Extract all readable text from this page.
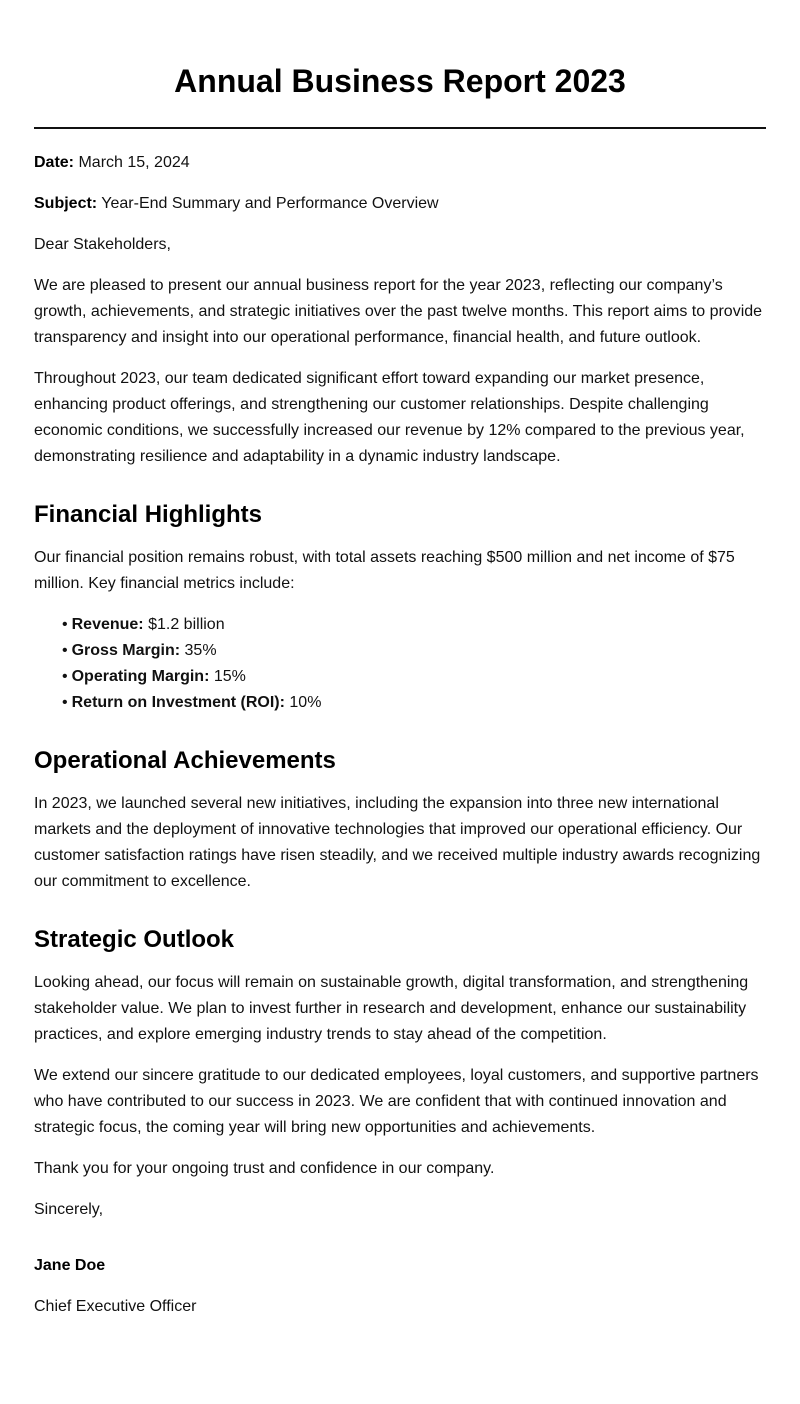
Annual Business Report 2023

Date: March 15, 2024

Subject: Year-End Summary and Performance Overview

Dear Stakeholders,

We are pleased to present our annual business report for the year 2023, reflecting our company’s growth, achievements, and strategic initiatives over the past twelve months. This report aims to provide transparency and insight into our operational performance, financial health, and future outlook.

Throughout 2023, our team dedicated significant effort toward expanding our market presence, enhancing product offerings, and strengthening our customer relationships. Despite challenging economic conditions, we successfully increased our revenue by 12% compared to the previous year, demonstrating resilience and adaptability in a dynamic industry landscape.

Financial Highlights

Our financial position remains robust, with total assets reaching $500 million and net income of $75 million. Key financial metrics include:

• Revenue: $1.2 billion
• Gross Margin: 35%
• Operating Margin: 15%
• Return on Investment (ROI): 10%
Operational Achievements

In 2023, we launched several new initiatives, including the expansion into three new international markets and the deployment of innovative technologies that improved our operational efficiency. Our customer satisfaction ratings have risen steadily, and we received multiple industry awards recognizing our commitment to excellence.

Strategic Outlook

Looking ahead, our focus will remain on sustainable growth, digital transformation, and strengthening stakeholder value. We plan to invest further in research and development, enhance our sustainability practices, and explore emerging industry trends to stay ahead of the competition.

We extend our sincere gratitude to our dedicated employees, loyal customers, and supportive partners who have contributed to our success in 2023. We are confident that with continued innovation and strategic focus, the coming year will bring new opportunities and achievements.

Thank you for your ongoing trust and confidence in our company.

Sincerely,

Jane Doe

Chief Executive Officer
